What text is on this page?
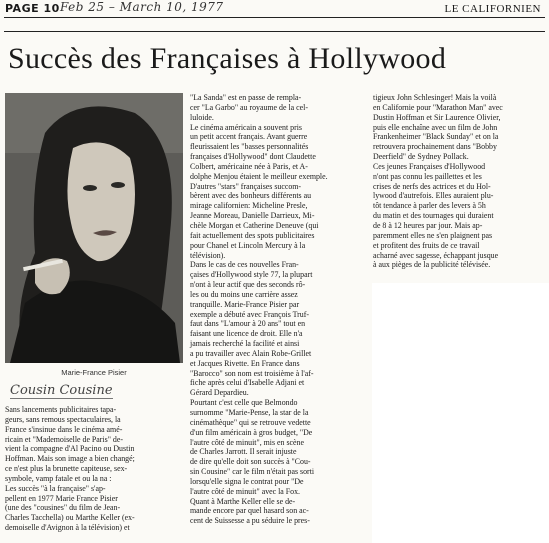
PAGE 10 Feb 25 – March 10, 1977	LE CALIFORNIEN
Succès des Françaises à Hollywood
Marie-France Pisier
Cousin Cousine
Sans lancements publicitaires tapa-
geurs, sans remous spectaculaires, la
France s'insinue dans le cinéma amé-
ricain et "Mademoiselle de Paris" de-
vient la compagne d'Al Pacino ou Dustin
Hoffman. Mais son image a bien changé;
ce n'est plus la brunette capiteuse, sex-
symbole, vamp fatale et ou la na :
Les succès "à la française" s'ap-
pellent en 1977 Marie France Pisier
(une des "cousines" du film de Jean-
Charles Tacchella) ou Marthe Keller (ex-
demoiselle d'Avignon à la télévision) et
"La Sanda" est en passe de rempla-
cer "La Garbo" au royaume de la cel-
luloide.
Le cinéma américain a souvent pris
un petit accent français. Avant guerre
fleurissaient les "basses personnalités
françaises d'Hollywood" dont Claudette
Colbert, américaine née à Paris, et A-
dolphe Menjou étaient le meilleur exemple.
D'autres "stars" françaises succom-
bèrent avec des bonheurs différents au
mirage californien: Micheline Presle,
Jeanne Moreau, Danielle Darrieux, Mi-
chèle Morgan et Catherine Deneuve (qui
fait actuellement des spots publicitaires
pour Chanel et Lincoln Mercury à la
télévision).
Dans le cas de ces nouvelles Fran-
çaises d'Hollywood style 77, la plupart
n'ont à leur actif que des seconds rô-
les ou du moins une carrière assez
tranquille. Marie-France Pisier par
exemple a débuté avec François Truf-
faut dans "L'amour à 20 ans" tout en
faisant une licence de droit. Elle n'a
jamais recherché la facilité et ainsi
a pu travailler avec Alain Robe-Grillet
et Jacques Rivette. En France dans
"Barocco" son nom est troisième à l'af-
fiche après celui d'Isabelle Adjani et
Gérard Depardieu.
Pourtant c'est celle que Belmondo
surnomme "Marie-Pense, la star de la
cinémathèque" qui se retrouve vedette
d'un film américain à gros budget, "De
l'autre côté de minuit", mis en scène
de Charles Jarrott. Il serait injuste
de dire qu'elle doit son succès à "Cou-
sin Cousine" car le film n'était pas sorti
lorsqu'elle signa le contrat pour "De
l'autre côté de minuit" avec la Fox.
Quant à Marthe Keller elle se de-
mande encore par quel hasard son ac-
cent de Suissesse a pu séduire le pres-
tigieux John Schlesinger! Mais la voilà
en Californie pour "Marathon Man" avec
Dustin Hoffman et Sir Laurence Olivier,
puis elle enchaîne avec un film de John
Frankenheimer "Black Sunday" et on la
retrouvera prochainement dans "Bobby
Deerfield" de Sydney Pollack.
Ces jeunes Françaises d'Hollywood
n'ont pas connu les paillettes et les
crises de nerfs des actrices et du Hol-
lywood d'autrefois. Elles auraient plu-
tôt tendance à parler des levers à 5h
du matin et des tournages qui duraient
de 8 à 12 heures par jour. Mais ap-
paremment elles ne s'en plaignent pas
et profitent des fruits de ce travail
acharné avec sagesse, échappant jusque
à aux pièges de la publicité télévisée.
